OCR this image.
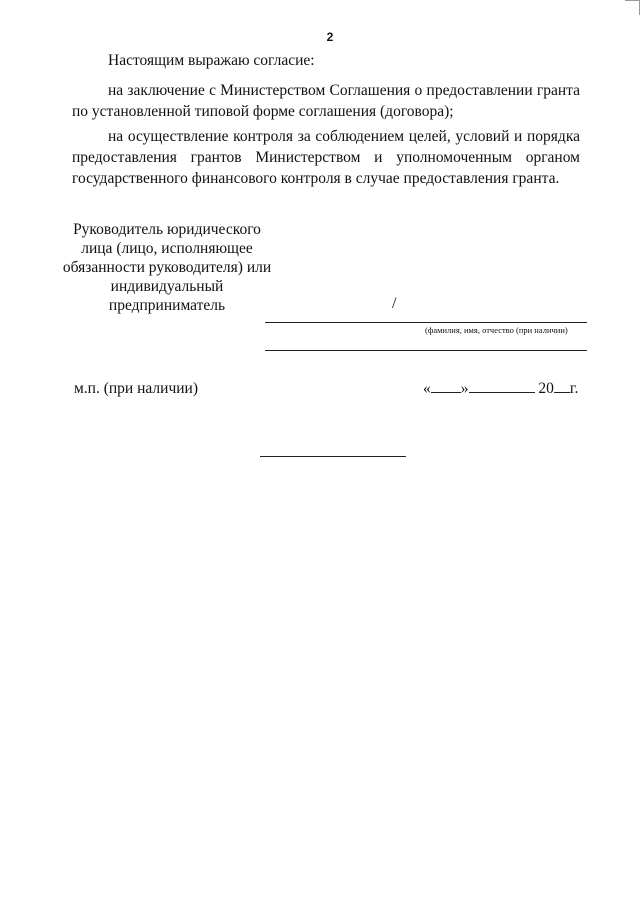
2

Настоящим выражаю согласие:

на заключение с Министерством Соглашения о предоставлении гранта по установленной типовой форме соглашения (договора);

на осуществление контроля за соблюдением целей, условий и порядка предоставления грантов Министерством и уполномоченным органом государственного финансового контроля в случае предоставления гранта.

Руководитель юридического лица (лицо, исполняющее обязанности руководителя) или индивидуальный предприниматель	/
(фамилия, имя, отчество (при наличии)
м.п. (при наличии)	« »	20 г.
